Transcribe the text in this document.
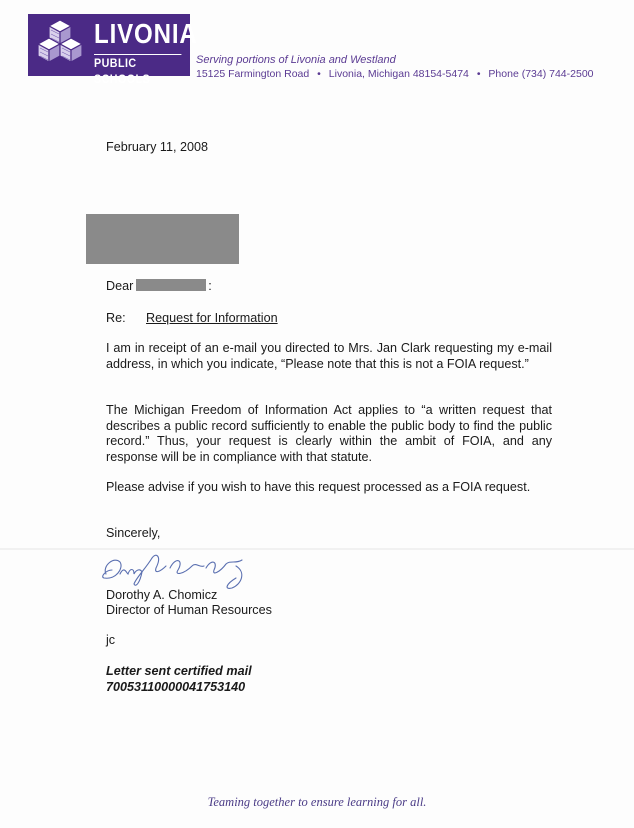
LIVONIA
PUBLIC SCHOOLS
Serving portions of Livonia and Westland
15125 Farmington Road • Livonia, Michigan 48154-5474 • Phone (734) 744-2500
February 11, 2008
Dear	:
Re: Request for Information
I am in receipt of an e-mail you directed to Mrs. Jan Clark requesting my e-mail address, in which you indicate, “Please note that this is not a FOIA request.”
The Michigan Freedom of Information Act applies to “a written request that describes a public record sufficiently to enable the public body to find the public record.” Thus, your request is clearly within the ambit of FOIA, and any response will be in compliance with that statute.
Please advise if you wish to have this request processed as a FOIA request.
Sincerely,
Dorothy A. Chomicz
Director of Human Resources
jc
Letter sent certified mail
70053110000041753140
Teaming together to ensure learning for all.
